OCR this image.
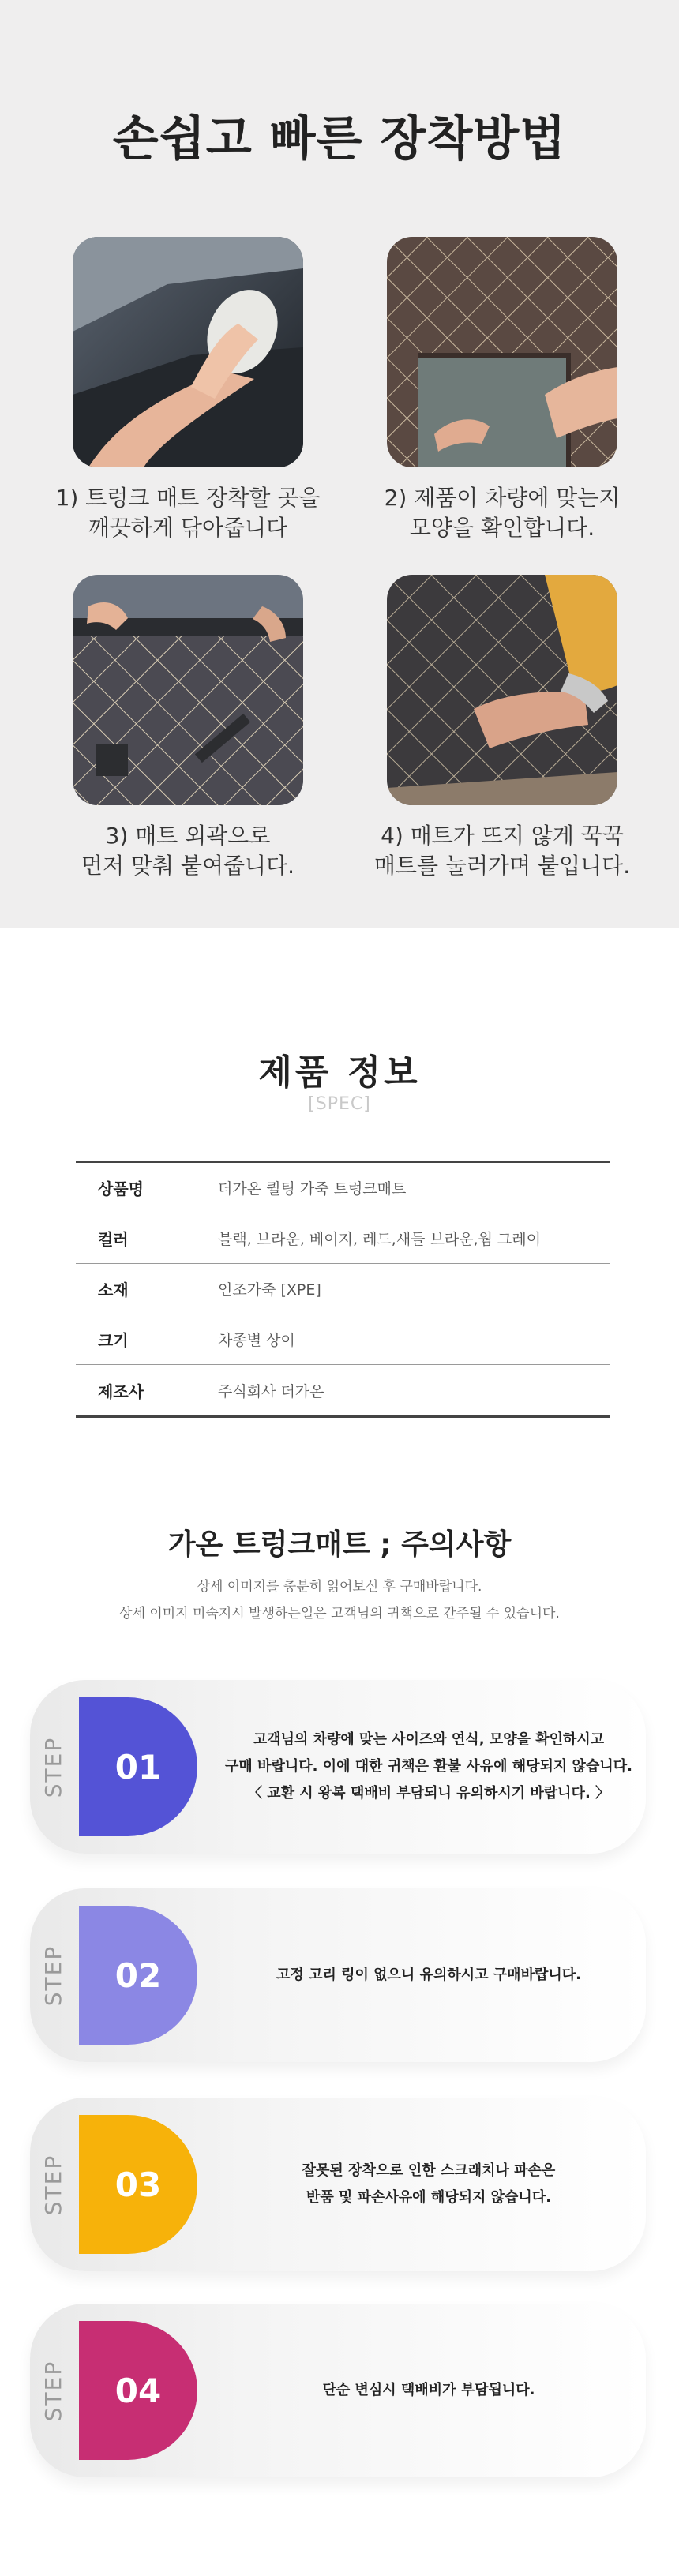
손쉽고 빠른 장착방법

1) 트렁크 매트 장착할 곳을
깨끗하게 닦아줍니다

2) 제품이 차량에 맞는지
모양을 확인합니다.

3) 매트 외곽으로
먼저 맞춰 붙여줍니다.

4) 매트가 뜨지 않게 꾹꾹
매트를 눌러가며 붙입니다.

제품 정보
[SPEC]
상품명	더가온 퀼팅 가죽 트렁크매트
컬러	블랙, 브라운, 베이지, 레드,새들 브라운,웜 그레이
소재	인조가죽 [XPE]
크기	차종별 상이
제조사	주식회사 더가온
가온 트렁크매트 ; 주의사항

상세 이미지를 충분히 읽어보신 후 구매바랍니다.
상세 이미지 미숙지시 발생하는일은 고객님의 귀책으로 간주될 수 있습니다.

STEP 01
고객님의 차량에 맞는 사이즈와 연식, 모양을 확인하시고
구매 바랍니다. 이에 대한 귀책은 환불 사유에 해당되지 않습니다.
〈 교환 시 왕복 택배비 부담되니 유의하시기 바랍니다. 〉
STEP 02	고정 고리 링이 없으니 유의하시고 구매바랍니다.
STEP 03	잘못된 장착으로 인한 스크래치나 파손은
반품 및 파손사유에 해당되지 않습니다.
STEP 04	단순 변심시 택배비가 부담됩니다.
